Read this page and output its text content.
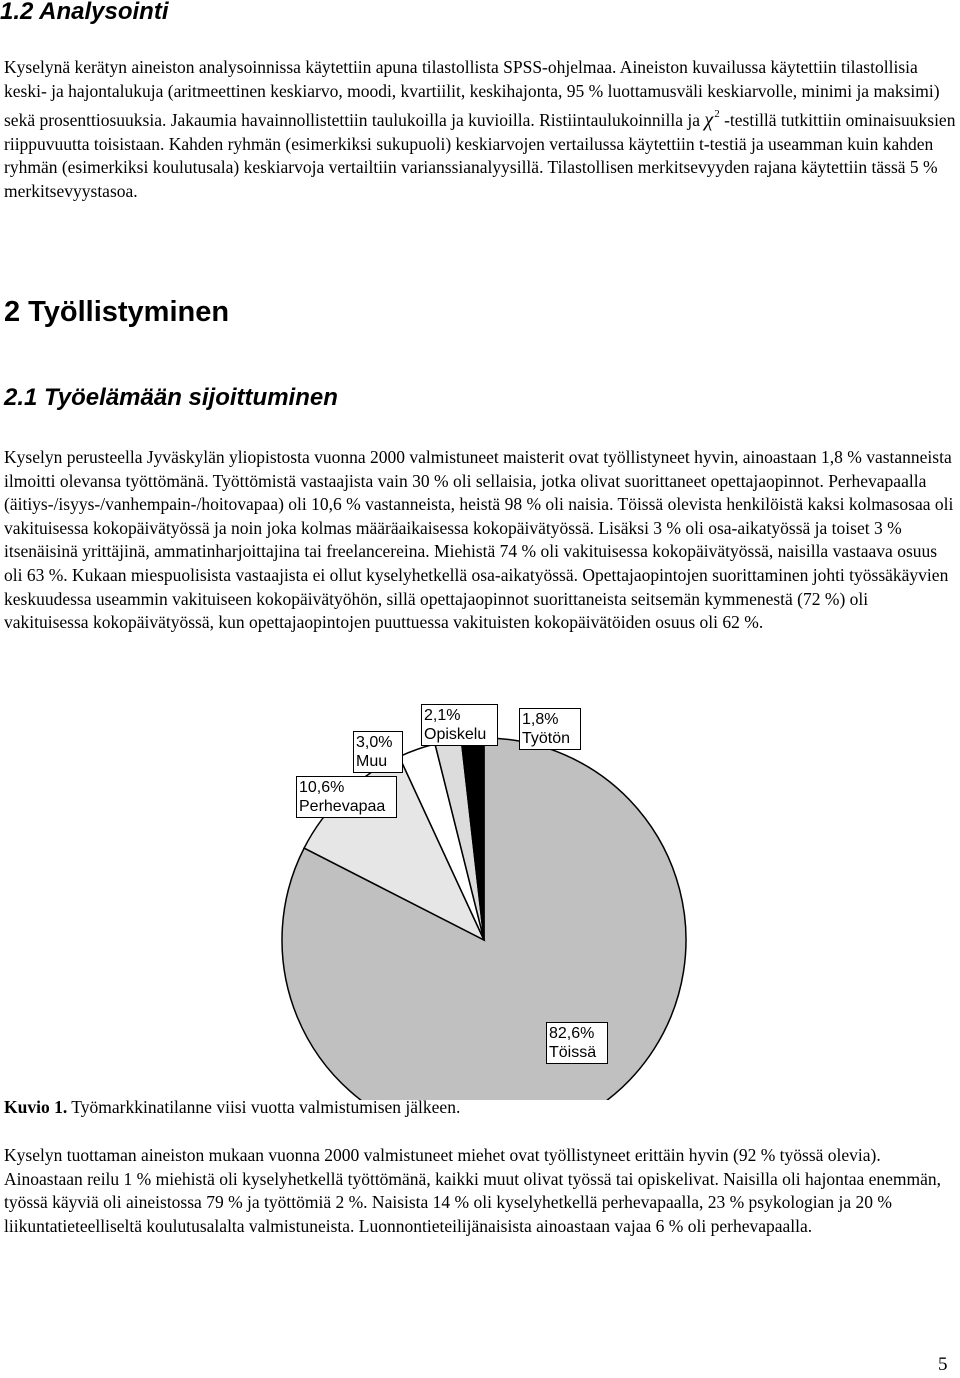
1.2 Analysointi

Kyselynä kerätyn aineiston analysoinnissa käytettiin apuna tilastollista SPSS-ohjelmaa. Aineiston kuvailussa käytettiin tilastollisia keski- ja hajontalukuja (aritmeettinen keskiarvo, moodi, kvartiilit, keskihajonta, 95 % luottamusväli keskiarvolle, minimi ja maksimi) sekä prosenttiosuuksia. Jakaumia havainnollistettiin taulukoilla ja kuvioilla. Ristiintaulukoinnilla ja $\chi^2$ -testillä tutkittiin ominaisuuksien riippuvuutta toisistaan. Kahden ryhmän (esimerkiksi sukupuoli) keskiarvojen vertailussa käytettiin t-testiä ja useamman kuin kahden ryhmän (esimerkiksi koulutusala) keskiarvoja vertailtiin varianssianalyysillä. Tilastollisen merkitsevyyden rajana käytettiin tässä 5 % merkitsevyystasoa.

2 Työllistyminen
2.1 Työelämään sijoittuminen

Kyselyn perusteella Jyväskylän yliopistosta vuonna 2000 valmistuneet maisterit ovat työllistyneet hyvin, ainoastaan 1,8 % vastanneista ilmoitti olevansa työttömänä. Työttömistä vastaajista vain 30 % oli sellaisia, jotka olivat suorittaneet opettajaopinnot. Perhevapaalla (äitiys-/isyys-/vanhempain-/hoitovapaa) oli 10,6 % vastanneista, heistä 98 % oli naisia. Töissä olevista henkilöistä kaksi kolmasosaa oli vakituisessa kokopäivätyössä ja noin joka kolmas määräaikaisessa kokopäivätyössä. Lisäksi 3 % oli osa-aikatyössä ja toiset 3 % itsenäisinä yrittäjinä, ammatinharjoittajina tai freelancereina. Miehistä 74 % oli vakituisessa kokopäivätyössä, naisilla vastaava osuus oli 63 %. Kukaan miespuolisista vastaajista ei ollut kyselyhetkellä osa-aikatyössä. Opettajaopintojen suorittaminen johti työssäkäyvien keskuudessa useammin vakituiseen kokopäivätyöhön, sillä opettajaopinnot suorittaneista seitsemän kymmenestä (72 %) oli vakituisessa kokopäivätyössä, kun opettajaopintojen puuttuessa vakituisten kokopäivätöiden osuus oli 62 %.

3,0%
Muu
2,1%
Opiskelu
1,8%
Työtön
10,6%
Perhevapaa
82,6%
Töissä

Kuvio 1. Työmarkkinatilanne viisi vuotta valmistumisen jälkeen.

Kyselyn tuottaman aineiston mukaan vuonna 2000 valmistuneet miehet ovat työllistyneet erittäin hyvin (92 % työssä olevia). Ainoastaan reilu 1 % miehistä oli kyselyhetkellä työttömänä, kaikki muut olivat työssä tai opiskelivat. Naisilla oli hajontaa enemmän, työssä käyviä oli aineistossa 79 % ja työttömiä 2 %. Naisista 14 % oli kyselyhetkellä perhevapaalla, 23 % psykologian ja 20 % liikuntatieteelliseltä koulutusalalta valmistuneista. Luonnontieteilijänaisista ainoastaan vajaa 6 % oli perhevapaalla.

5
